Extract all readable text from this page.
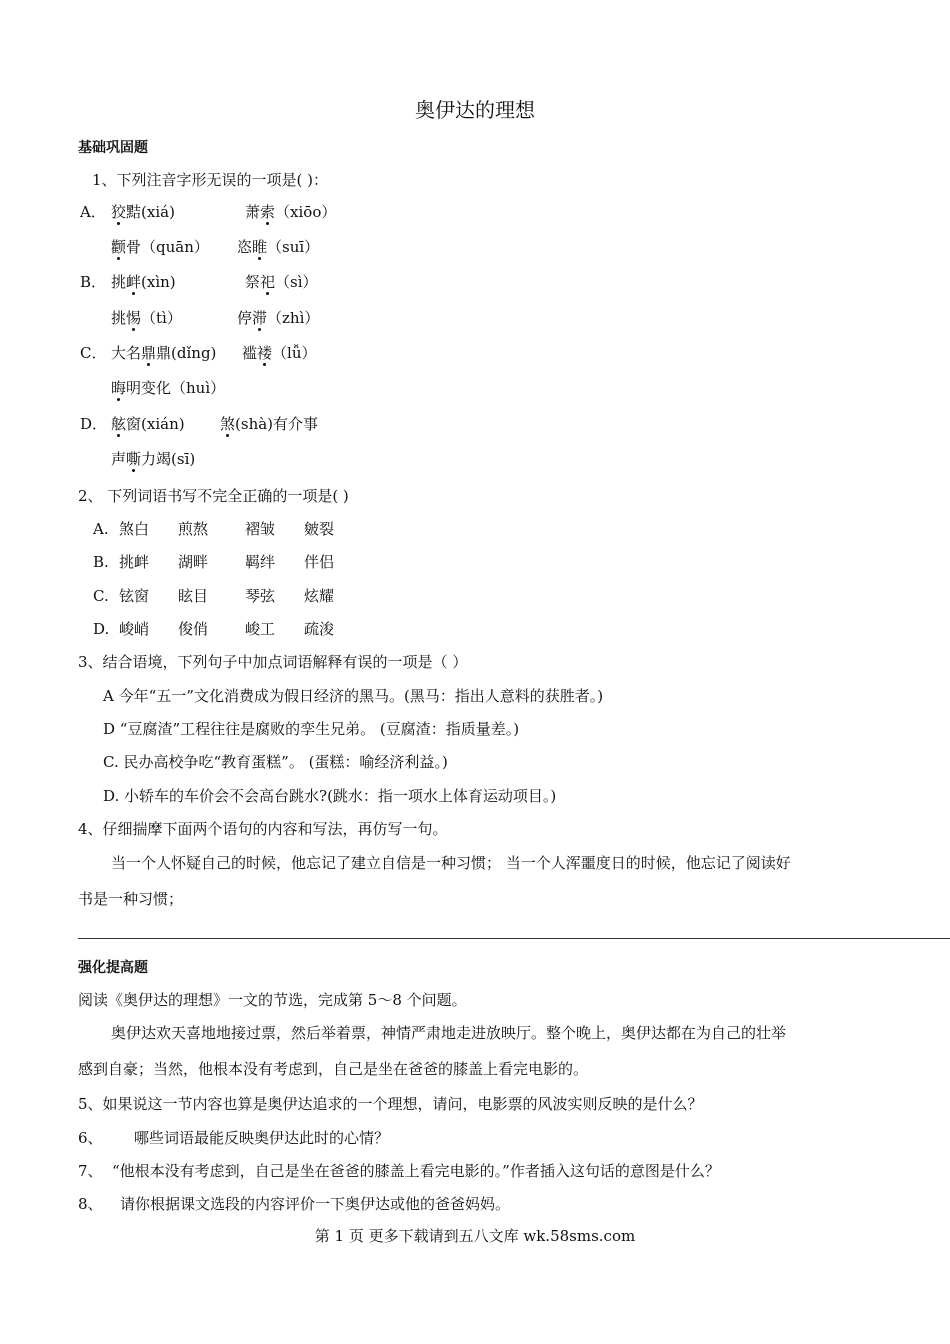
奥伊达的理想
基础巩固题
1、下列注音字形无误的一项是( )：
A． 狡黠(xiá)	萧索（xiōo）
颧骨（quān） 恣睢（suī）
B． 挑衅(xìn)	祭祀（sì）
挑惕（tì）	停滞（zhì）
C． 大名鼎鼎(dǐng) 褴褛（lǚ）
晦明变化（huì）
D． 舷窗(xián) 煞(shà)有介事
声嘶力竭(sī)
2、 下列词语书写不完全正确的一项是( )
A. 煞白 煎熬 褶皱 皴裂
B. 挑衅 湖畔 羁绊 伴侣
C. 铉窗 眩目 琴弦 炫耀
D. 峻峭 俊俏 峻工 疏浚
3、结合语境，下列句子中加点词语解释有误的一项是（ ）
A 今年“五一”文化消费成为假日经济的黑马。(黑马：指出人意料的获胜者。)
D “豆腐渣”工程往往是腐败的孪生兄弟。 (豆腐渣：指质量差。)
C. 民办高校争吃“教育蛋糕”。 (蛋糕：喻经济利益。)
D. 小轿车的车价会不会高台跳水?(跳水：指一项水上体育运动项目。)
4、仔细揣摩下面两个语句的内容和写法，再仿写一句。
当一个人怀疑自己的时候，他忘记了建立自信是一种习惯； 当一个人浑噩度日的时候，他忘记了阅读好
书是一种习惯；
强化提高题
阅读《奥伊达的理想》一文的节选，完成第 5～8 个问题。
奥伊达欢天喜地地接过票，然后举着票，神情严肃地走进放映厅。整个晚上，奥伊达都在为自己的壮举
感到自豪；当然，他根本没有考虑到，自己是坐在爸爸的膝盖上看完电影的。
5、如果说这一节内容也算是奥伊达追求的一个理想，请问，电影票的风波实则反映的是什么？
6、 哪些词语最能反映奥伊达此时的心情？
7、 “他根本没有考虑到，自己是坐在爸爸的膝盖上看完电影的。”作者插入这句话的意图是什么？
8、 请你根据课文选段的内容评价一下奥伊达或他的爸爸妈妈。
第 1 页 更多下载请到五八文库 wk.58sms.com
